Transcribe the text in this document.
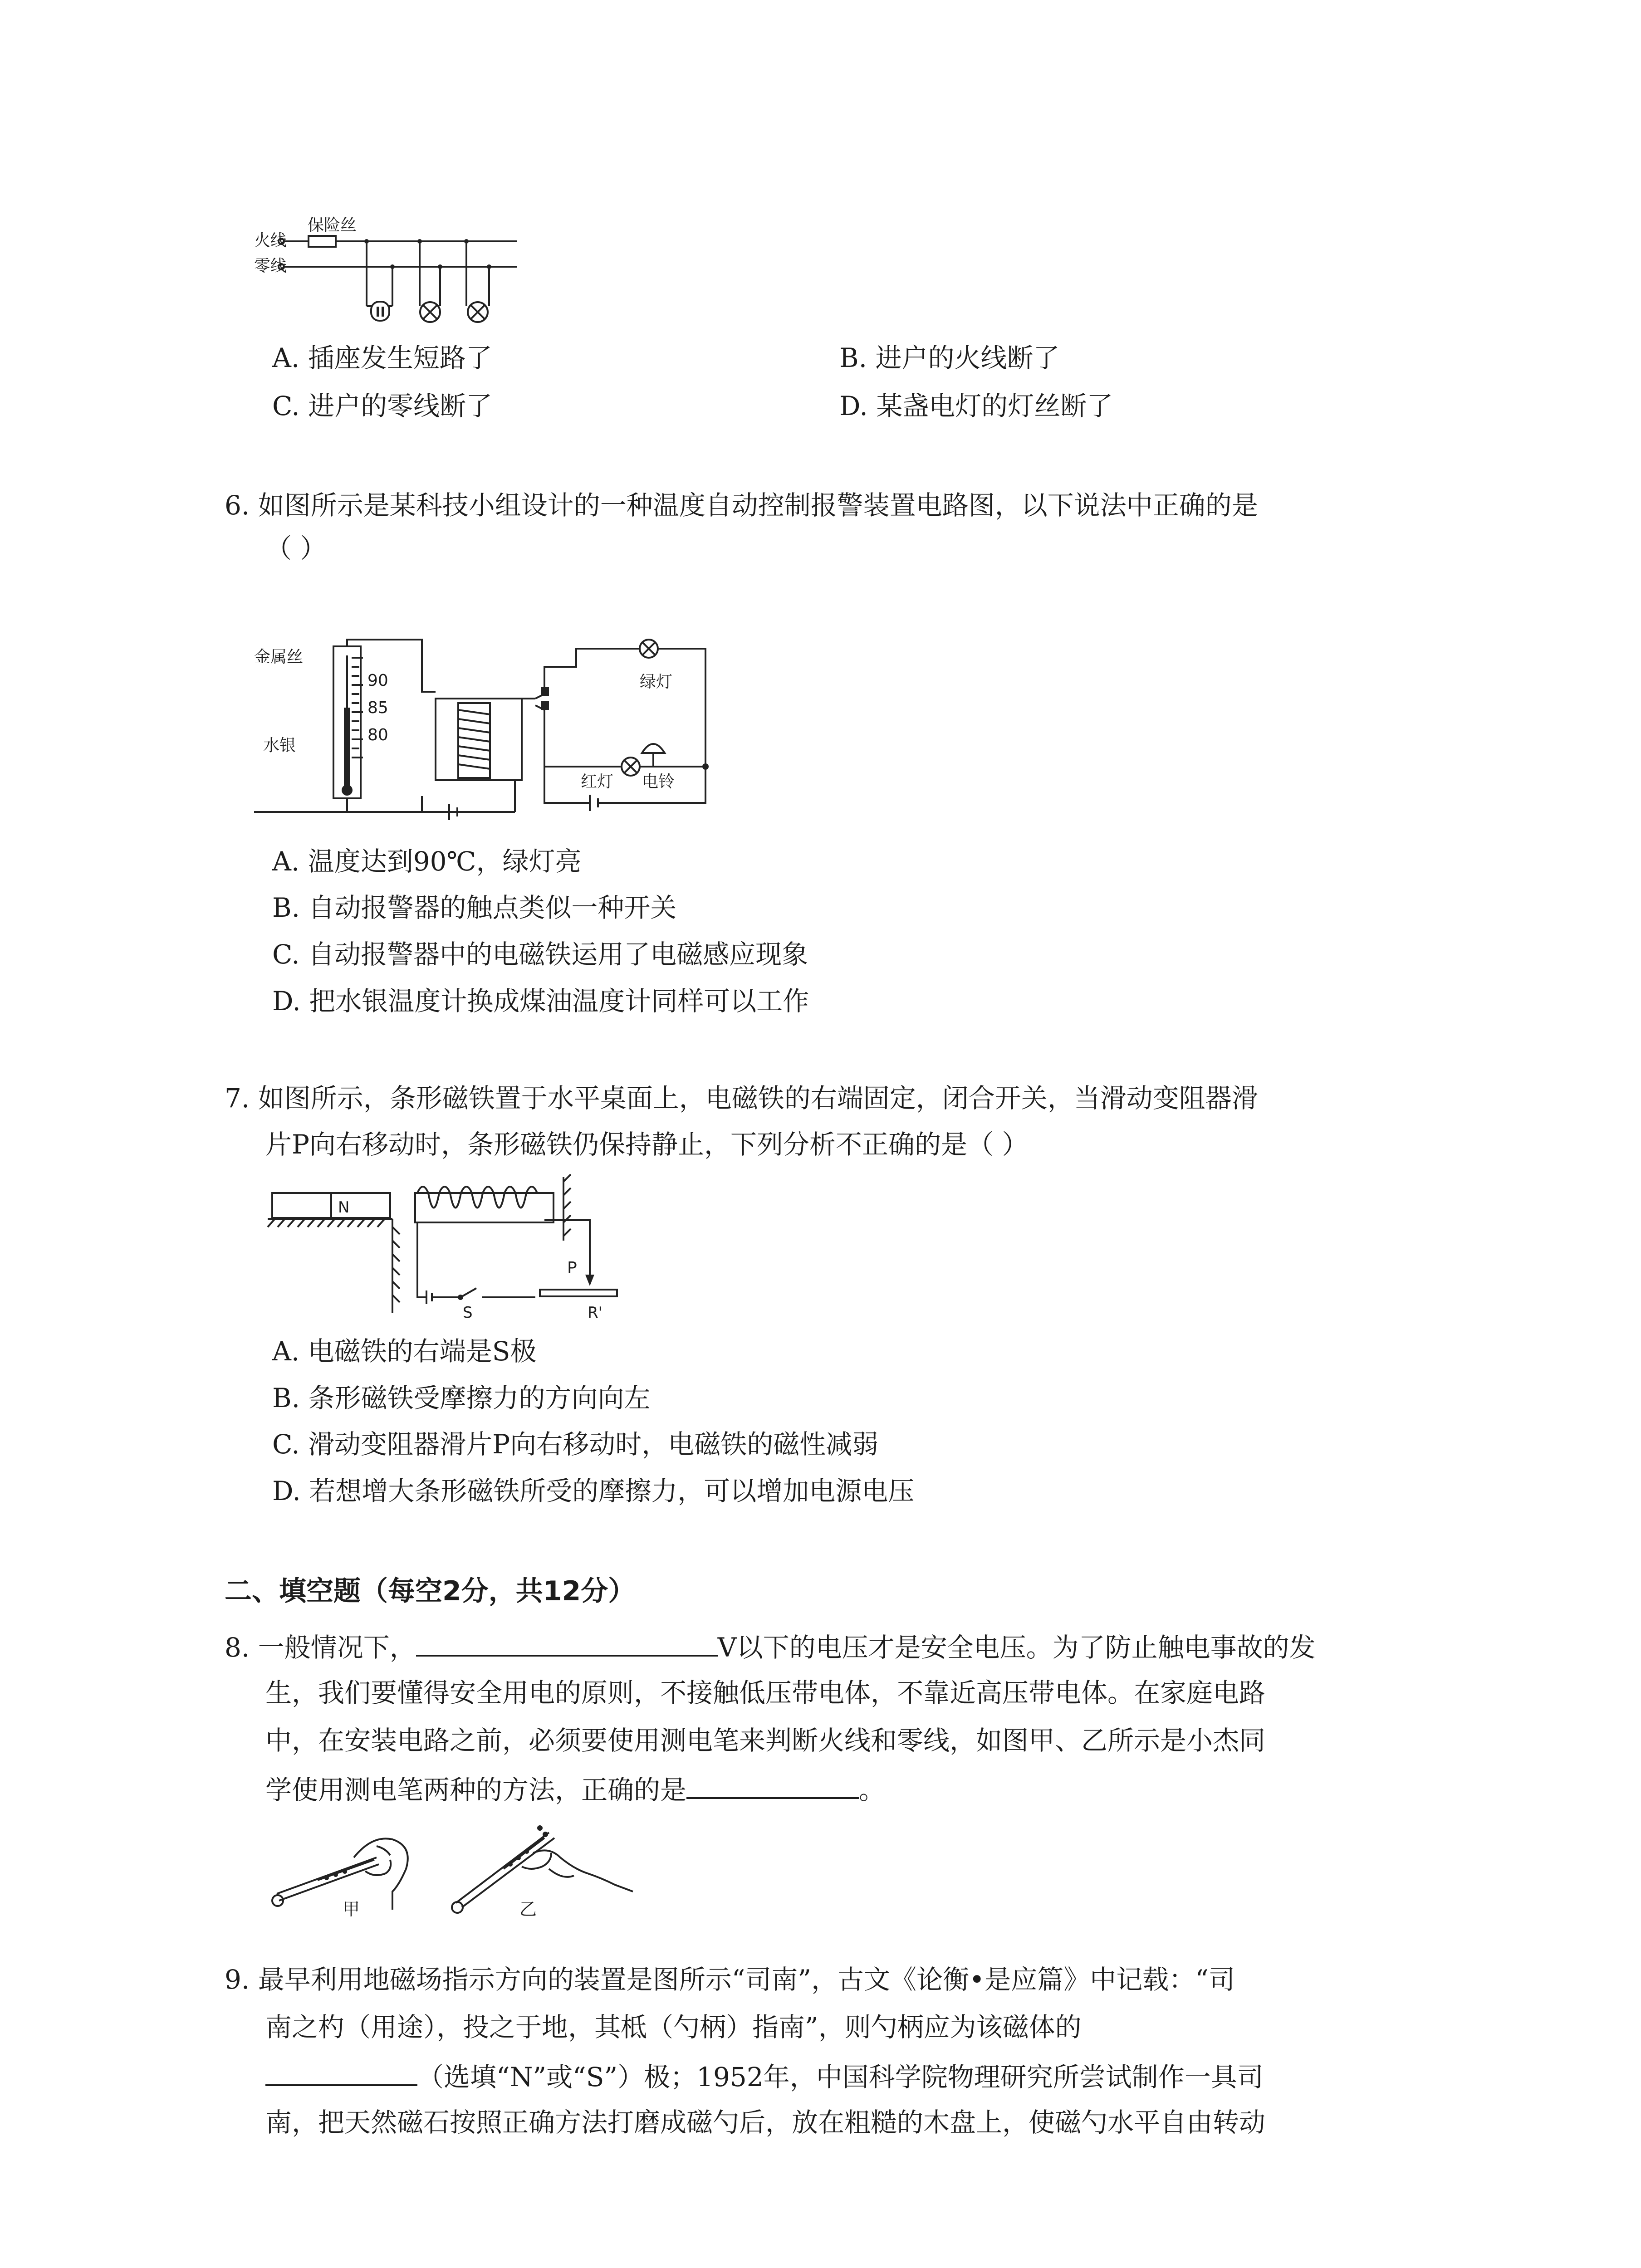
火线
零线
保险丝
A. 插座发生短路了	B. 进户的火线断了
C. 进户的零线断了	D. 某盏电灯的灯丝断了
6. 如图所示是某科技小组设计的一种温度自动控制报警装置电路图，以下说法中正确的是
（ ）
金属丝
水银
90
85
80
绿灯
红灯 电铃
A. 温度达到90℃，绿灯亮
B. 自动报警器的触点类似一种开关
C. 自动报警器中的电磁铁运用了电磁感应现象
D. 把水银温度计换成煤油温度计同样可以工作
7. 如图所示，条形磁铁置于水平桌面上，电磁铁的右端固定，闭合开关，当滑动变阻器滑
片P向右移动时，条形磁铁仍保持静止，下列分析不正确的是（ ）
N
P
S	R'
A. 电磁铁的右端是S极
B. 条形磁铁受摩擦力的方向向左
C. 滑动变阻器滑片P向右移动时，电磁铁的磁性减弱
D. 若想增大条形磁铁所受的摩擦力，可以增加电源电压
二、填空题（每空2分，共12分）
8. 一般情况下，	V以下的电压才是安全电压。为了防止触电事故的发
生，我们要懂得安全用电的原则，不接触低压带电体，不靠近高压带电体。在家庭电路
中，在安装电路之前，必须要使用测电笔来判断火线和零线，如图甲、乙所示是小杰同
学使用测电笔两种的方法，正确的是	。
甲	乙
9. 最早利用地磁场指示方向的装置是图所示“司南”，古文《论衡•是应篇》中记载：“司
南之杓（用途），投之于地，其柢（勺柄）指南”，则勺柄应为该磁体的
（选填“N”或“S”）极；1952年，中国科学院物理研究所尝试制作一具司
南，把天然磁石按照正确方法打磨成磁勺后，放在粗糙的木盘上，使磁勺水平自由转动
